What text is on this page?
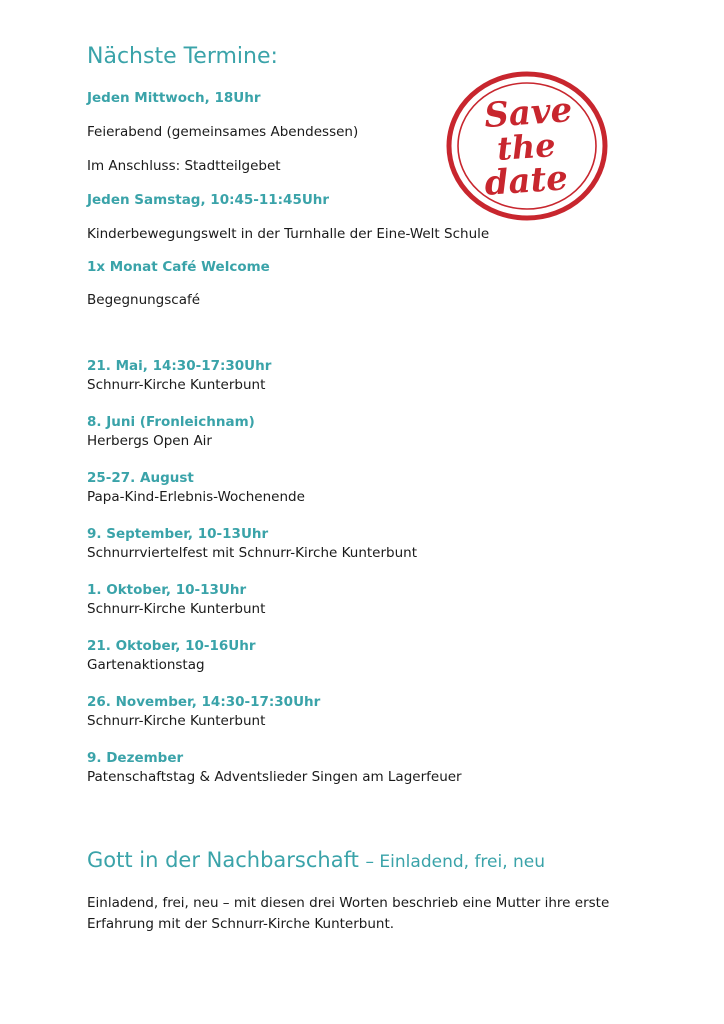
Nächste Termine:
Jeden Mittwoch, 18Uhr
Feierabend (gemeinsames Abendessen)
Im Anschluss: Stadtteilgebet
Jeden Samstag, 10:45-11:45Uhr
Kinderbewegungswelt in der Turnhalle der Eine-Welt Schule
1x Monat Café Welcome
Begegnungscafé
21. Mai, 14:30-17:30Uhr
Schnurr-Kirche Kunterbunt
8. Juni (Fronleichnam)
Herbergs Open Air
25-27. August
Papa-Kind-Erlebnis-Wochenende
9. September, 10-13Uhr
Schnurrviertelfest mit Schnurr-Kirche Kunterbunt
1. Oktober, 10-13Uhr
Schnurr-Kirche Kunterbunt
21. Oktober, 10-16Uhr
Gartenaktionstag
26. November, 14:30-17:30Uhr
Schnurr-Kirche Kunterbunt
9. Dezember
Patenschaftstag & Adventslieder Singen am Lagerfeuer
Gott in der Nachbarschaft – Einladend, frei, neu
Einladend, frei, neu – mit diesen drei Worten beschrieb eine Mutter ihre erste Erfahrung mit der Schnurr-Kirche Kunterbunt.
Save
the
date
